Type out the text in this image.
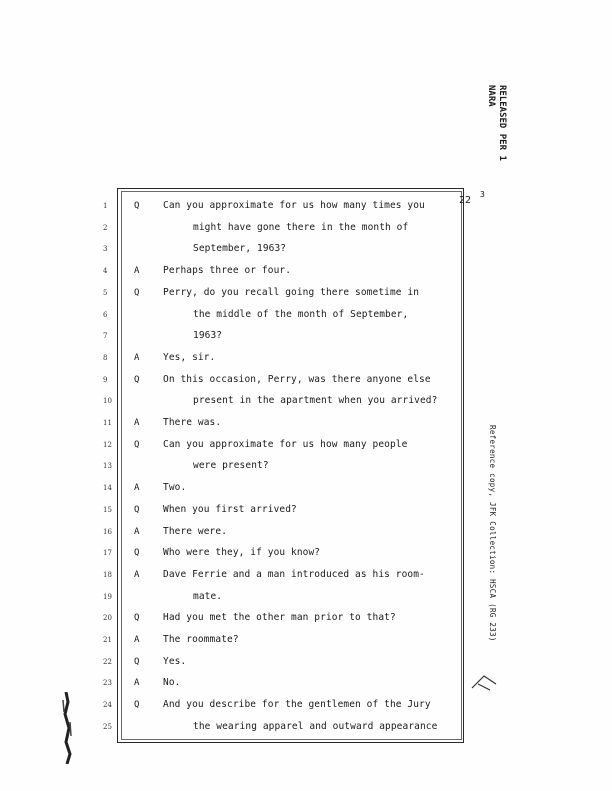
22
3
RELEASED PER 1
NARA
Reference copy, JFK Collection: HSCA (RG 233)
1	Q Can you approximate for us how many times you
2	might have gone there in the month of
3	September, 1963?
4	A Perhaps three or four.
5	Q Perry, do you recall going there sometime in
6	the middle of the month of September,
7	1963?
8	A Yes, sir.
9	Q On this occasion, Perry, was there anyone else
10	present in the apartment when you arrived?
11 A There was.
12 Q Can you approximate for us how many people
13	were present?
14 A Two.
15 Q When you first arrived?
16 A There were.
17 Q Who were they, if you know?
18 A Dave Ferrie and a man introduced as his room-
19	mate.
20 Q Had you met the other man prior to that?
21 A The roommate?
22 Q Yes.
23 A No.
24 Q And you describe for the gentlemen of the Jury
25	the wearing apparel and outward appearance
